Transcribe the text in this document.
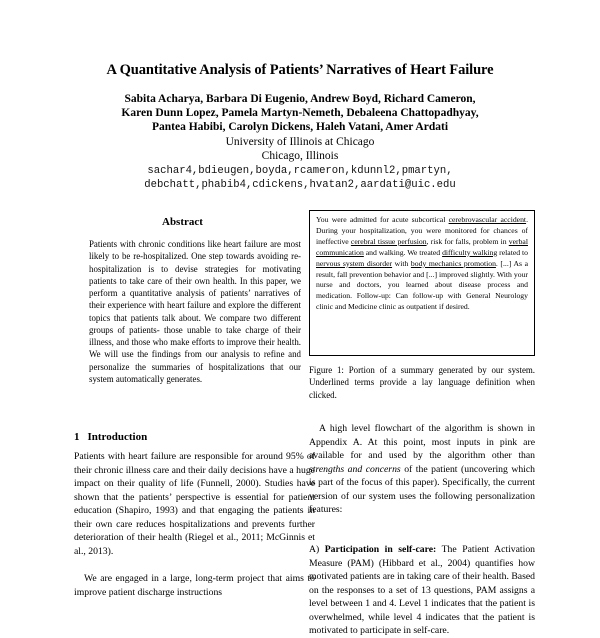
A Quantitative Analysis of Patients’ Narratives of Heart Failure
Sabita Acharya, Barbara Di Eugenio, Andrew Boyd, Richard Cameron,
Karen Dunn Lopez, Pamela Martyn-Nemeth, Debaleena Chattopadhyay,
Pantea Habibi, Carolyn Dickens, Haleh Vatani, Amer Ardati
University of Illinois at Chicago
Chicago, Illinois
sachar4,bdieugen,boyda,rcameron,kdunnl2,pmartyn,
debchatt,phabib4,cdickens,hvatan2,aardati@uic.edu
Abstract
Patients with chronic conditions like heart failure are most likely to be re-hospitalized. One step towards avoiding re-hospitalization is to devise strategies for motivating patients to take care of their own health. In this paper, we perform a quantitative analysis of patients’ narratives of their experience with heart failure and explore the different topics that patients talk about. We compare two different groups of patients- those unable to take charge of their illness, and those who make efforts to improve their health. We will use the findings from our analysis to refine and personalize the summaries of hospitalizations that our system automatically generates.
1 Introduction
Patients with heart failure are responsible for around 95% of their chronic illness care and their daily decisions have a huge impact on their quality of life (Funnell, 2000). Studies have shown that the patients’ perspective is essential for patient education (Shapiro, 1993) and that engaging the patients in their own care reduces hospitalizations and prevents further deterioration of their health (Riegel et al., 2011; McGinnis et al., 2013).
We are engaged in a large, long-term project that aims to improve patient discharge instructions
You were admitted for acute subcortical cerebrovascular accident. During your hospitalization, you were monitored for chances of ineffective cerebral tissue perfusion, risk for falls, problem in verbal communication and walking. We treated difficulty walking related to nervous system disorder with body mechanics promotion. [...] As a result, fall prevention behavior and [...] improved slightly. With your nurse and doctors, you learned about disease process and medication. Follow-up: Can follow-up with General Neurology clinic and Medicine clinic as outpatient if desired.
Figure 1: Portion of a summary generated by our system. Underlined terms provide a lay language definition when clicked.
A high level flowchart of the algorithm is shown in Appendix A. At this point, most inputs in pink are available for and used by the algorithm other than strengths and concerns of the patient (uncovering which is part of the focus of this paper). Specifically, the current version of our system uses the following personalization features:
A) Participation in self-care: The Patient Activation Measure (PAM) (Hibbard et al., 2004) quantifies how motivated patients are in taking care of their health. Based on the responses to a set of 13 questions, PAM assigns a level between 1 and 4. Level 1 indicates that the patient is overwhelmed, while level 4 indicates that the patient is motivated to participate in self-care.
